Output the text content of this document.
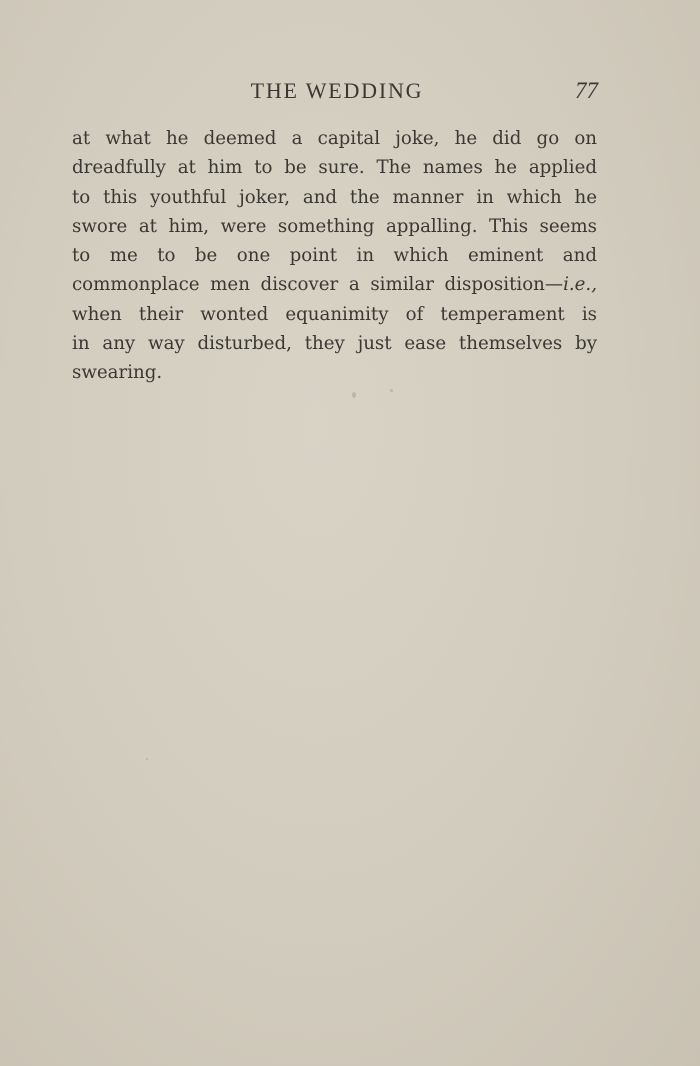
THE WEDDING	77
at what he deemed a capital joke, he did go on
dreadfully at him to be sure. The names he applied
to this youthful joker, and the manner in which he
swore at him, were something appalling. This seems
to me to be one point in which eminent and
commonplace men discover a similar disposition—i.e.,
when their wonted equanimity of temperament is
in any way disturbed, they just ease themselves by
swearing.
